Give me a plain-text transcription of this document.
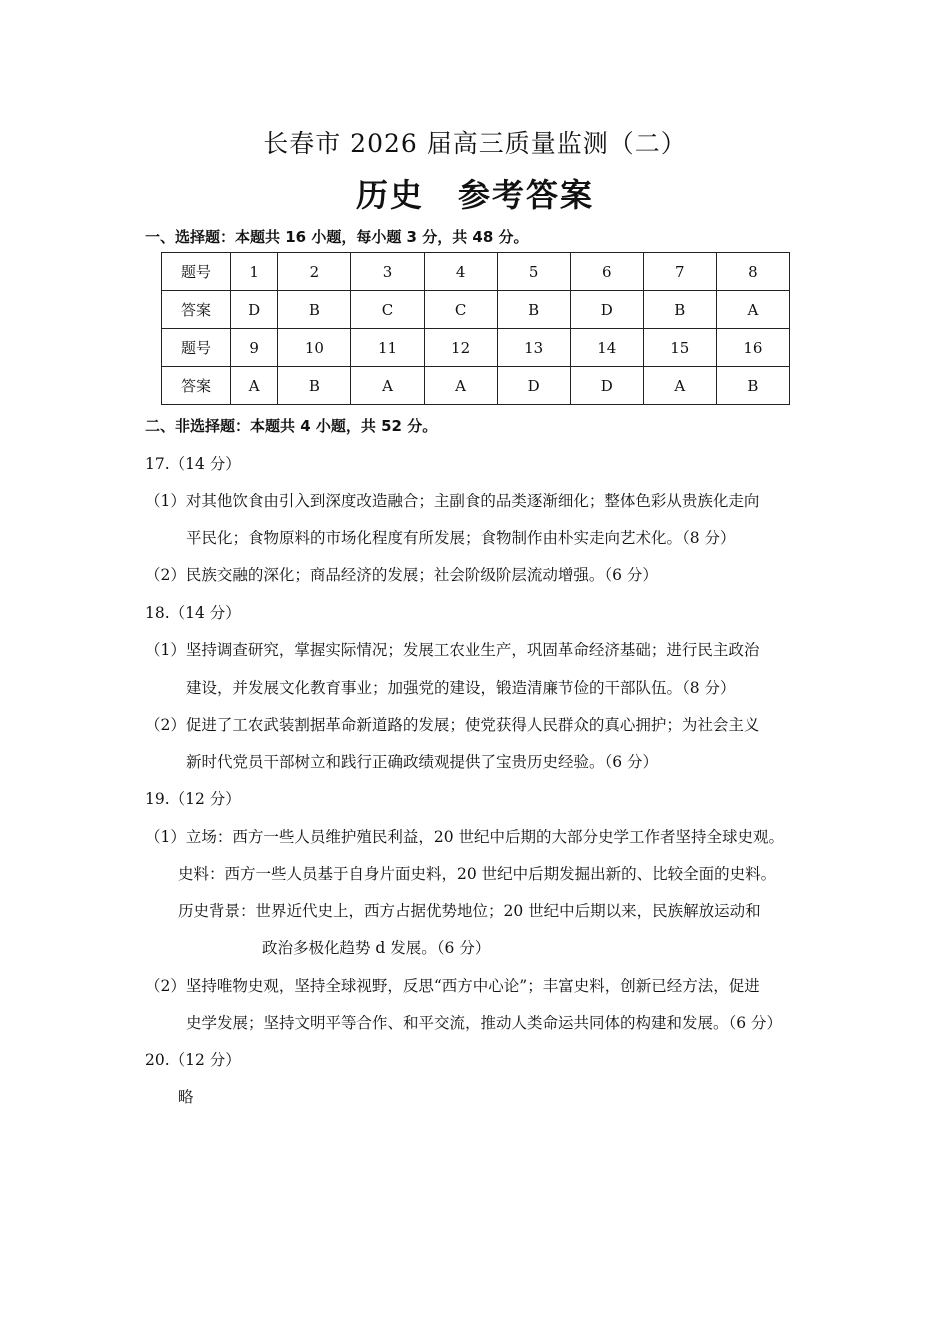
长春市 2026 届高三质量监测（二）
历史　参考答案
一、选择题：本题共 16 小题，每小题 3 分，共 48 分。
题号	1	2	3	4	5	6	7	8
答案	D	B	C	C	B	D	B	A
题号	9	10	11	12	13	14	15	16
答案	A	B	A	A	D	D	A	B
二、非选择题：本题共 4 小题，共 52 分。
17.（14 分）
（1）对其他饮食由引入到深度改造融合；主副食的品类逐渐细化；整体色彩从贵族化走向
平民化；食物原料的市场化程度有所发展；食物制作由朴实走向艺术化。（8 分）
（2）民族交融的深化；商品经济的发展；社会阶级阶层流动增强。（6 分）
18.（14 分）
（1）坚持调查研究，掌握实际情况；发展工农业生产，巩固革命经济基础；进行民主政治
建设，并发展文化教育事业；加强党的建设，锻造清廉节俭的干部队伍。（8 分）
（2）促进了工农武装割据革命新道路的发展；使党获得人民群众的真心拥护；为社会主义
新时代党员干部树立和践行正确政绩观提供了宝贵历史经验。（6 分）
19.（12 分）
（1）立场：西方一些人员维护殖民利益，20 世纪中后期的大部分史学工作者坚持全球史观。
史料：西方一些人员基于自身片面史料，20 世纪中后期发掘出新的、比较全面的史料。
历史背景：世界近代史上，西方占据优势地位；20 世纪中后期以来，民族解放运动和
政治多极化趋势 d 发展。（6 分）
（2）坚持唯物史观，坚持全球视野，反思“西方中心论”；丰富史料，创新已经方法，促进
史学发展；坚持文明平等合作、和平交流，推动人类命运共同体的构建和发展。（6 分）
20.（12 分）
略
